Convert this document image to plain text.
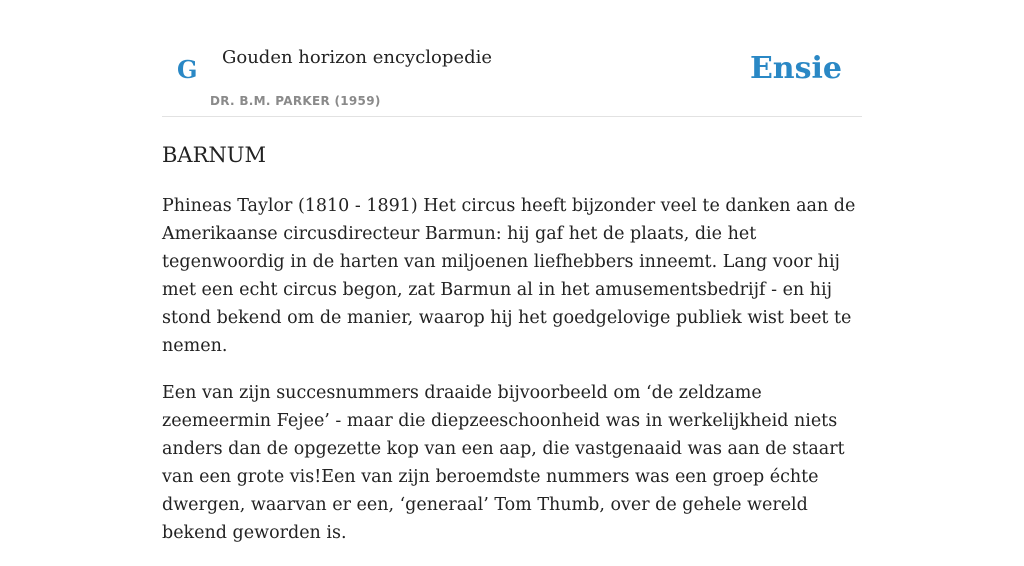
G Gouden horizon encyclopedie
DR. B.M. PARKER (1959)
Ensie
BARNUM

Phineas Taylor (1810 - 1891) Het circus heeft bijzonder veel te danken aan de Amerikaanse circusdirecteur Barmun: hij gaf het de plaats, die het tegenwoordig in de harten van miljoenen liefhebbers inneemt. Lang voor hij met een echt circus begon, zat Barmun al in het amusementsbedrijf - en hij stond bekend om de manier, waarop hij het goedgelovige publiek wist beet te nemen.

Een van zijn succesnummers draaide bijvoorbeeld om ‘de zeldzame zeemeermin Fejee’ - maar die diepzeeschoonheid was in werkelijkheid niets anders dan de opgezette kop van een aap, die vastgenaaid was aan de staart van een grote vis!Een van zijn beroemdste nummers was een groep échte dwergen, waarvan er een, ‘generaal’ Tom Thumb, over de gehele wereld bekend geworden is.
